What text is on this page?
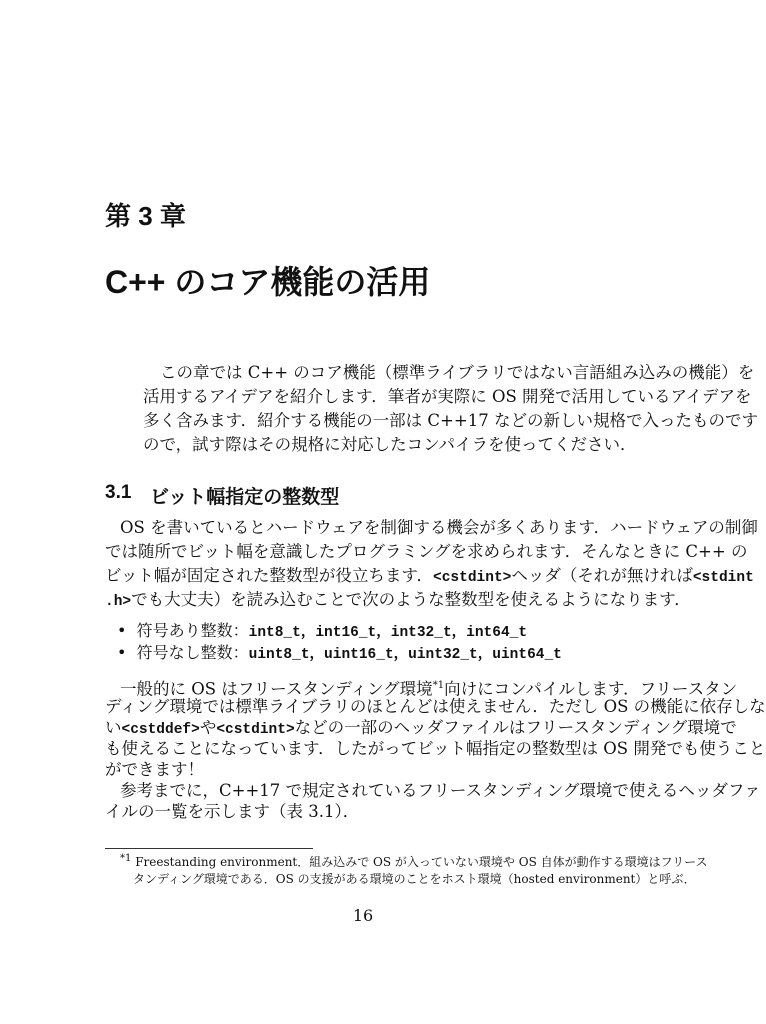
第 3 章
C++ のコア機能の活用
この章では C++ のコア機能（標準ライブラリではない言語組み込みの機能）を
活用するアイデアを紹介します．筆者が実際に OS 開発で活用しているアイデアを
多く含みます．紹介する機能の一部は C++17 などの新しい規格で入ったものです
ので，試す際はその規格に対応したコンパイラを使ってください．
3.1 ビット幅指定の整数型
OS を書いているとハードウェアを制御する機会が多くあります．ハードウェアの制御
では随所でビット幅を意識したプログラミングを求められます．そんなときに C++ の
ビット幅が固定された整数型が役立ちます．<cstdint>ヘッダ（それが無ければ<stdint
.h>でも大丈夫）を読み込むことで次のような整数型を使えるようになります．
• 符号あり整数：int8_t，int16_t，int32_t，int64_t
• 符号なし整数：uint8_t，uint16_t，uint32_t，uint64_t
一般的に OS はフリースタンディング環境$^{*1}$向けにコンパイルします．フリースタン
ディング環境では標準ライブラリのほとんどは使えません．ただし OS の機能に依存しな
い<cstddef>や<cstdint>などの一部のヘッダファイルはフリースタンディング環境で
も使えることになっています．したがってビット幅指定の整数型は OS 開発でも使うこと
ができます！
参考までに，C++17 で規定されているフリースタンディング環境で使えるヘッダファ
イルの一覧を示します（表 3.1）．
$^{*1}$ Freestanding environment．組み込みで OS が入っていない環境や OS 自体が動作する環境はフリース
タンディング環境である．OS の支援がある環境のことをホスト環境（hosted environment）と呼ぶ．
16
